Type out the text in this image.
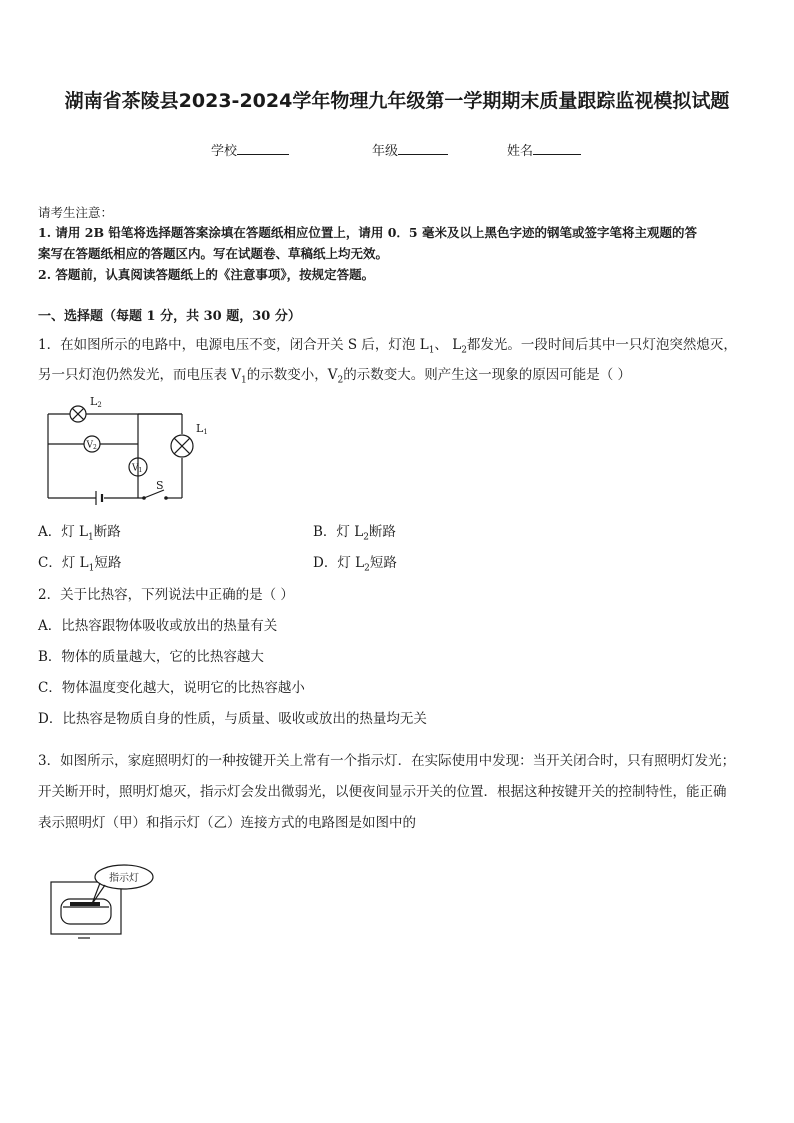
湖南省茶陵县2023-2024学年物理九年级第一学期期末质量跟踪监视模拟试题
学校	年级	姓名
请考生注意：
1. 请用 2B 铅笔将选择题答案涂填在答题纸相应位置上，请用 0．5 毫米及以上黑色字迹的钢笔或签字笔将主观题的答
案写在答题纸相应的答题区内。写在试题卷、草稿纸上均无效。
2. 答题前，认真阅读答题纸上的《注意事项》，按规定答题。
一、选择题（每题 1 分，共 30 题，30 分）
1．在如图所示的电路中，电源电压不变，闭合开关 S 后，灯泡 $L_1$、 $L_2$都发光。一段时间后其中一只灯泡突然熄灭，
另一只灯泡仍然发光，而电压表 $V_1$的示数变小，$V_2$的示数变大。则产生这一现象的原因可能是（ ）
L2
L1
V2
V1
S
A．灯 $L_1$断路	B．灯 $L_2$断路
C．灯 $L_1$短路	D．灯 $L_2$短路
2．关于比热容，下列说法中正确的是（ ）
A．比热容跟物体吸收或放出的热量有关
B．物体的质量越大，它的比热容越大
C．物体温度变化越大，说明它的比热容越小
D．比热容是物质自身的性质，与质量、吸收或放出的热量均无关
3．如图所示，家庭照明灯的一种按键开关上常有一个指示灯．在实际使用中发现：当开关闭合时，只有照明灯发光；
开关断开时，照明灯熄灭，指示灯会发出微弱光，以便夜间显示开关的位置．根据这种按键开关的控制特性，能正确
表示照明灯（甲）和指示灯（乙）连接方式的电路图是如图中的
指示灯
